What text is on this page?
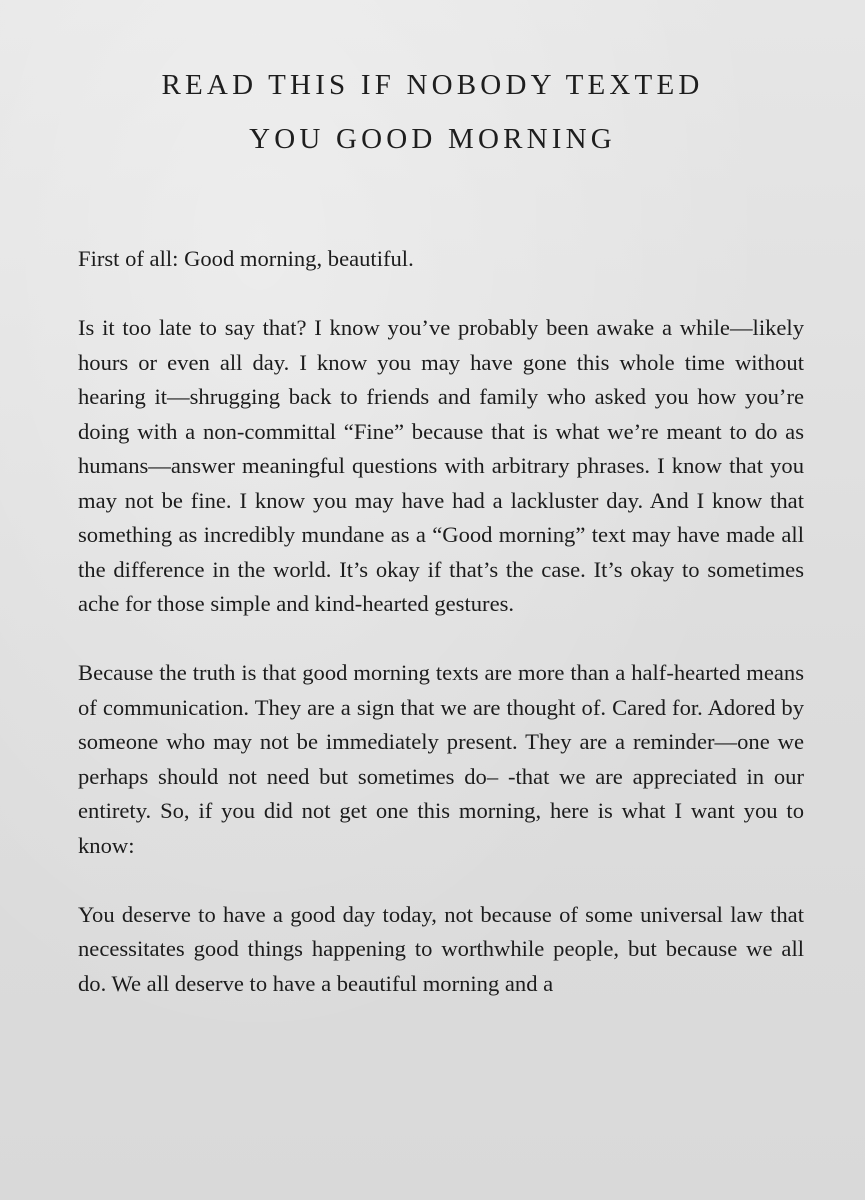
READ THIS IF NOBODY TEXTED
YOU GOOD MORNING

First of all: Good morning, beautiful.

Is it too late to say that? I know you’ve probably been awake a while—likely hours or even all day. I know you may have gone this whole time without hearing it—shrugging back to friends and family who asked you how you’re doing with a non-committal “Fine” because that is what we’re meant to do as humans—answer meaningful questions with arbitrary phrases. I know that you may not be fine. I know you may have had a lackluster day. And I know that something as incredibly mundane as a “Good morning” text may have made all the difference in the world. It’s okay if that’s the case. It’s okay to sometimes ache for those simple and kind-hearted gestures.

Because the truth is that good morning texts are more than a half-hearted means of communication. They are a sign that we are thought of. Cared for. Adored by someone who may not be immediately present. They are a reminder—one we perhaps should not need but sometimes do– -that we are appreciated in our entirety. So, if you did not get one this morning, here is what I want you to know:

You deserve to have a good day today, not because of some universal law that necessitates good things happening to worthwhile people, but because we all do. We all deserve to have a beautiful morning and a
